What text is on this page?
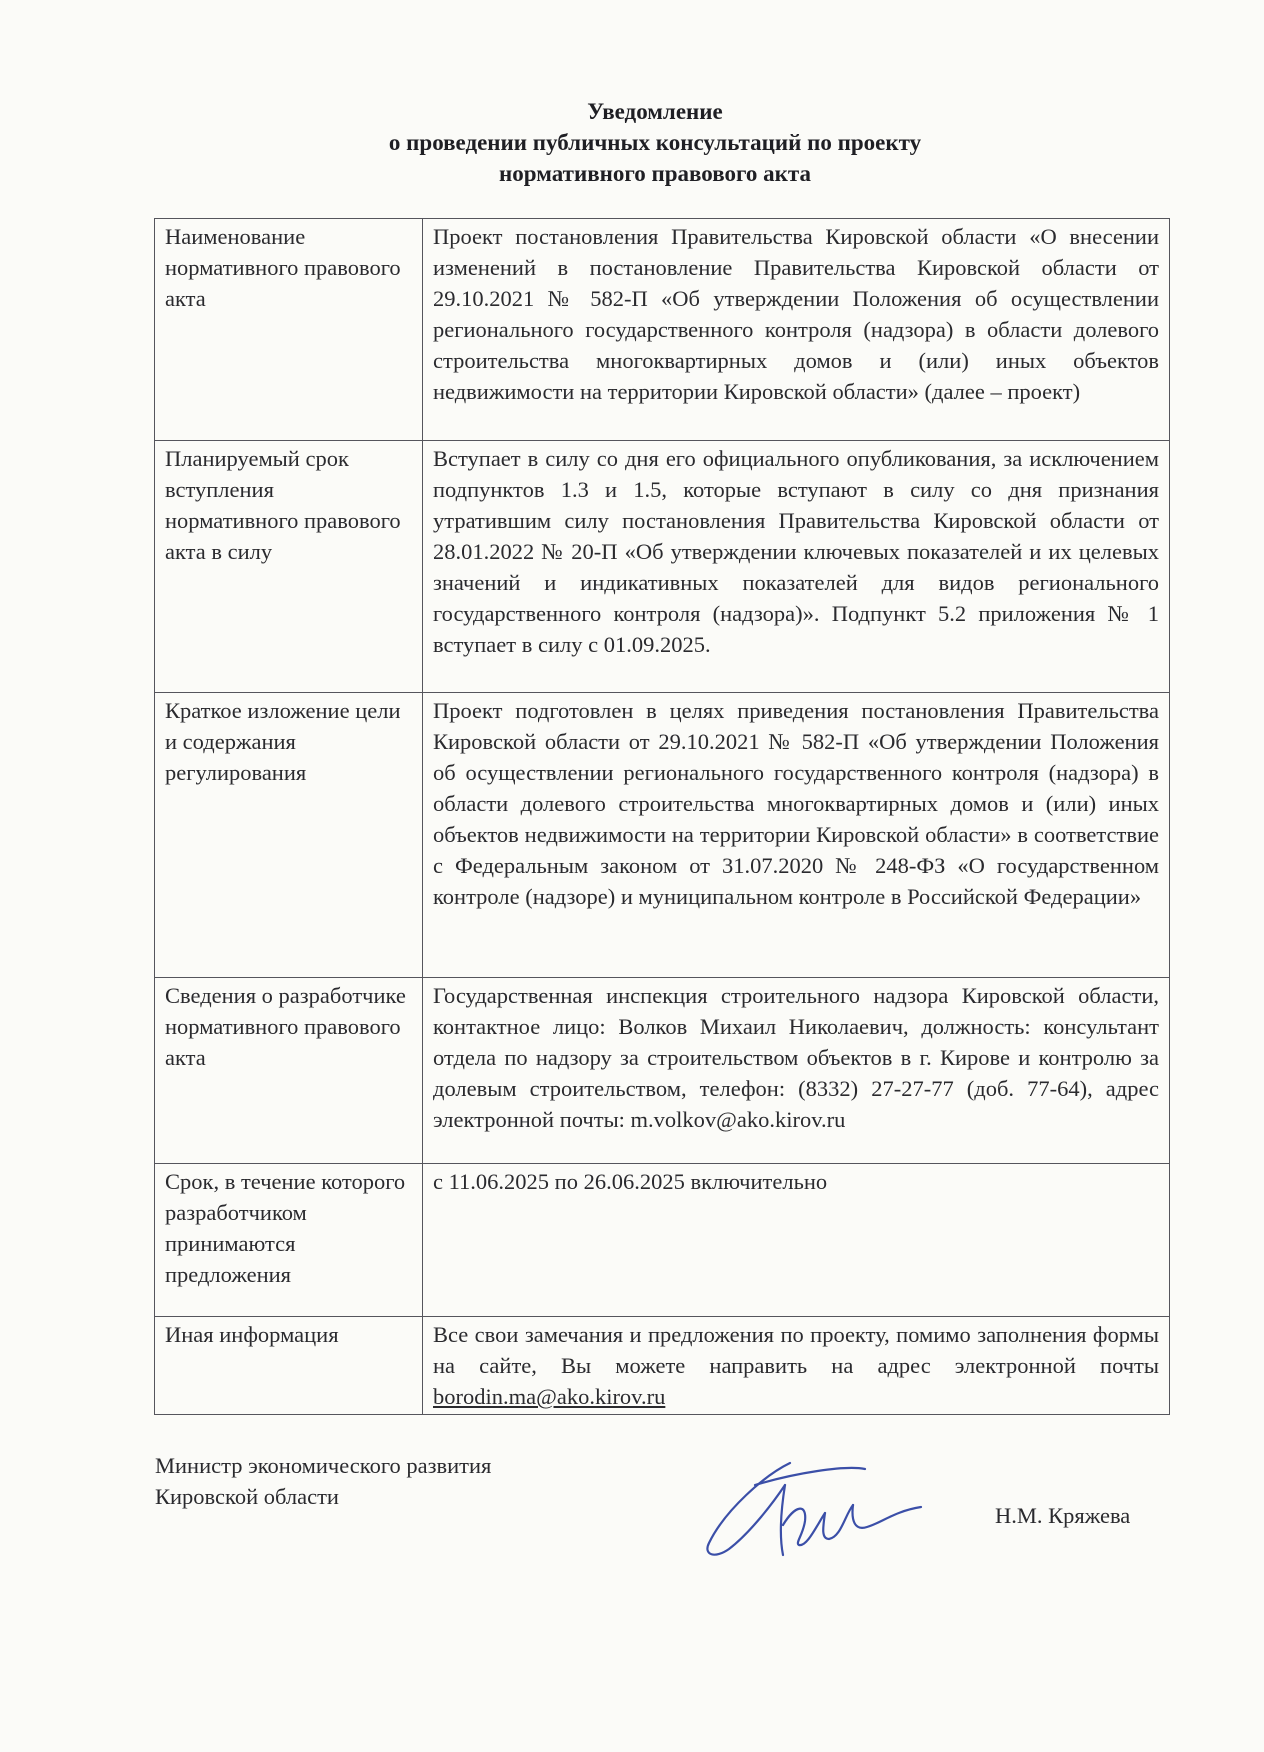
Уведомление
о проведении публичных консультаций по проекту
нормативного правового акта
Наименование нормативного правового акта	Проект постановления Правительства Кировской области «О внесении изменений в постановление Правительства Кировской области от 29.10.2021 № 582-П «Об утверждении Положения об осуществлении регионального государственного контроля (надзора) в области долевого строительства многоквартирных домов и (или) иных объектов недвижимости на территории Кировской области» (далее – проект)
Планируемый срок вступления нормативного правового акта в силу	Вступает в силу со дня его официального опубликования, за исключением подпунктов 1.3 и 1.5, которые вступают в силу со дня признания утратившим силу постановления Правительства Кировской области от 28.01.2022 № 20-П «Об утверждении ключевых показателей и их целевых значений и индикативных показателей для видов регионального государственного контроля (надзора)». Подпункт 5.2 приложения № 1 вступает в силу с 01.09.2025.
Краткое изложение цели и содержания регулирования	Проект подготовлен в целях приведения постановления Правительства Кировской области от 29.10.2021 № 582-П «Об утверждении Положения об осуществлении регионального государственного контроля (надзора) в области долевого строительства многоквартирных домов и (или) иных объектов недвижимости на территории Кировской области» в соответствие с Федеральным законом от 31.07.2020 № 248-ФЗ «О государственном контроле (надзоре) и муниципальном контроле в Российской Федерации»
Сведения о разработчике нормативного правового акта	Государственная инспекция строительного надзора Кировской области, контактное лицо: Волков Михаил Николаевич, должность: консультант отдела по надзору за строительством объектов в г. Кирове и контролю за долевым строительством, телефон: (8332) 27-27-77 (доб. 77-64), адрес электронной почты: m.volkov@ako.kirov.ru
Срок, в течение которого разработчиком принимаются предложения	с 11.06.2025 по 26.06.2025 включительно
Иная информация	Все свои замечания и предложения по проекту, помимо заполнения формы на сайте, Вы можете направить на адрес электронной почты borodin.ma@ako.kirov.ru
Министр экономического развития
Кировской области
Н.М. Кряжева
